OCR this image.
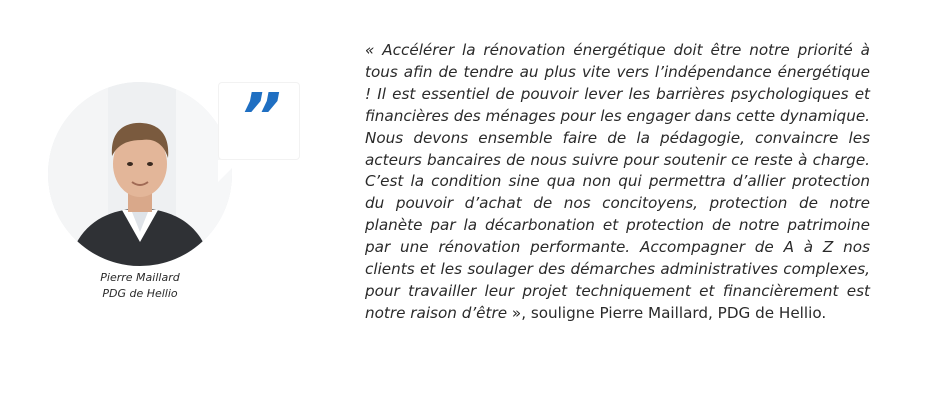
”
Pierre Maillard
PDG de Hellio

« Accélérer la rénovation énergétique doit être notre priorité à tous afin de tendre au plus vite vers l’indépendance énergétique ! Il est essentiel de pouvoir lever les barrières psychologiques et financières des ménages pour les engager dans cette dynamique. Nous devons ensemble faire de la pédagogie, convaincre les acteurs bancaires de nous suivre pour soutenir ce reste à charge. C’est la condition sine qua non qui permettra d’allier protection du pouvoir d’achat de nos concitoyens, protection de notre planète par la décarbonation et protection de notre patrimoine par une rénovation performante. Accompagner de A à Z nos clients et les soulager des démarches administratives complexes, pour travailler leur projet techniquement et financièrement est notre raison d’être », souligne Pierre Maillard, PDG de Hellio.
